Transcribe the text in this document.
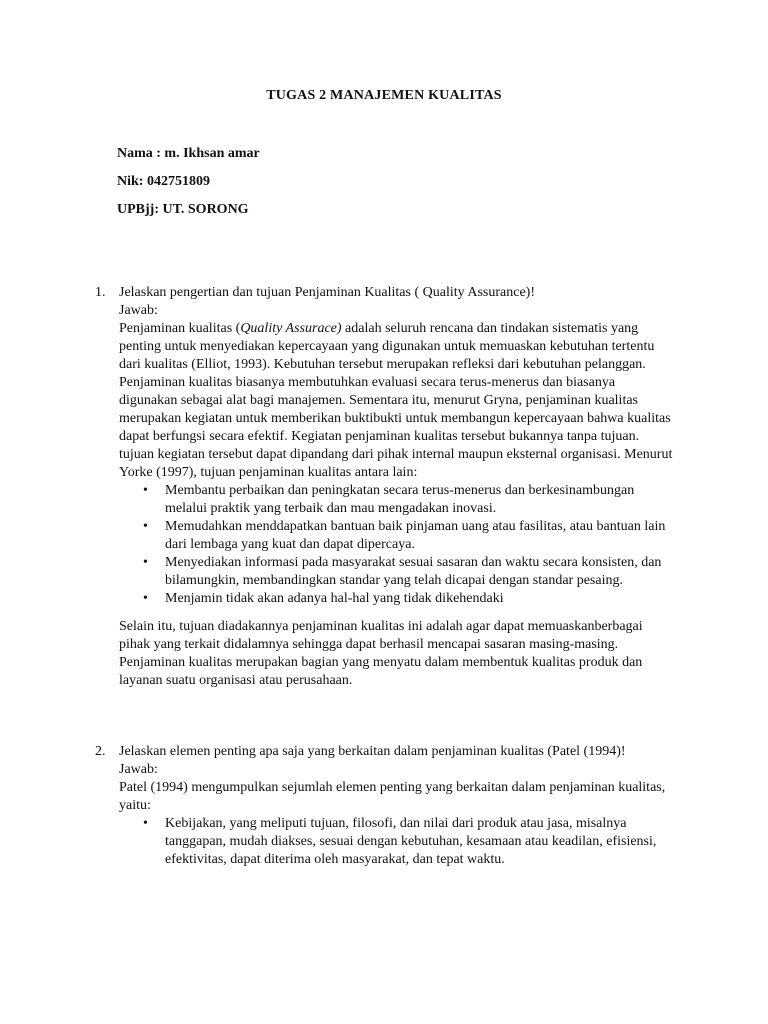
TUGAS 2 MANAJEMEN KUALITAS
Nama : m. Ikhsan amar
Nik: 042751809
UPBjj: UT. SORONG
1. Jelaskan pengertian dan tujuan Penjaminan Kualitas ( Quality Assurance)!

Jawab:

Penjaminan kualitas (Quality Assurace) adalah seluruh rencana dan tindakan sistematis yang penting untuk menyediakan kepercayaan yang digunakan untuk memuaskan kebutuhan tertentu dari kualitas (Elliot, 1993). Kebutuhan tersebut merupakan refleksi dari kebutuhan pelanggan. Penjaminan kualitas biasanya membutuhkan evaluasi secara terus-menerus dan biasanya digunakan sebagai alat bagi manajemen. Sementara itu, menurut Gryna, penjaminan kualitas merupakan kegiatan untuk memberikan buktibukti untuk membangun kepercayaan bahwa kualitas dapat berfungsi secara efektif. Kegiatan penjaminan kualitas tersebut bukannya tanpa tujuan. tujuan kegiatan tersebut dapat dipandang dari pihak internal maupun eksternal organisasi. Menurut Yorke (1997), tujuan penjaminan kualitas antara lain:

• Membantu perbaikan dan peningkatan secara terus-menerus dan berkesinambungan melalui praktik yang terbaik dan mau mengadakan inovasi.
• Memudahkan menddapatkan bantuan baik pinjaman uang atau fasilitas, atau bantuan lain dari lembaga yang kuat dan dapat dipercaya.
• Menyediakan informasi pada masyarakat sesuai sasaran dan waktu secara konsisten, dan bilamungkin, membandingkan standar yang telah dicapai dengan standar pesaing.
• Menjamin tidak akan adanya hal-hal yang tidak dikehendaki

Selain itu, tujuan diadakannya penjaminan kualitas ini adalah agar dapat memuaskanberbagai pihak yang terkait didalamnya sehingga dapat berhasil mencapai sasaran masing-masing. Penjaminan kualitas merupakan bagian yang menyatu dalam membentuk kualitas produk dan layanan suatu organisasi atau perusahaan.

2. Jelaskan elemen penting apa saja yang berkaitan dalam penjaminan kualitas (Patel (1994)!

Jawab:

Patel (1994) mengumpulkan sejumlah elemen penting yang berkaitan dalam penjaminan kualitas, yaitu:

• Kebijakan, yang meliputi tujuan, filosofi, dan nilai dari produk atau jasa, misalnya tanggapan, mudah diakses, sesuai dengan kebutuhan, kesamaan atau keadilan, efisiensi, efektivitas, dapat diterima oleh masyarakat, dan tepat waktu.
